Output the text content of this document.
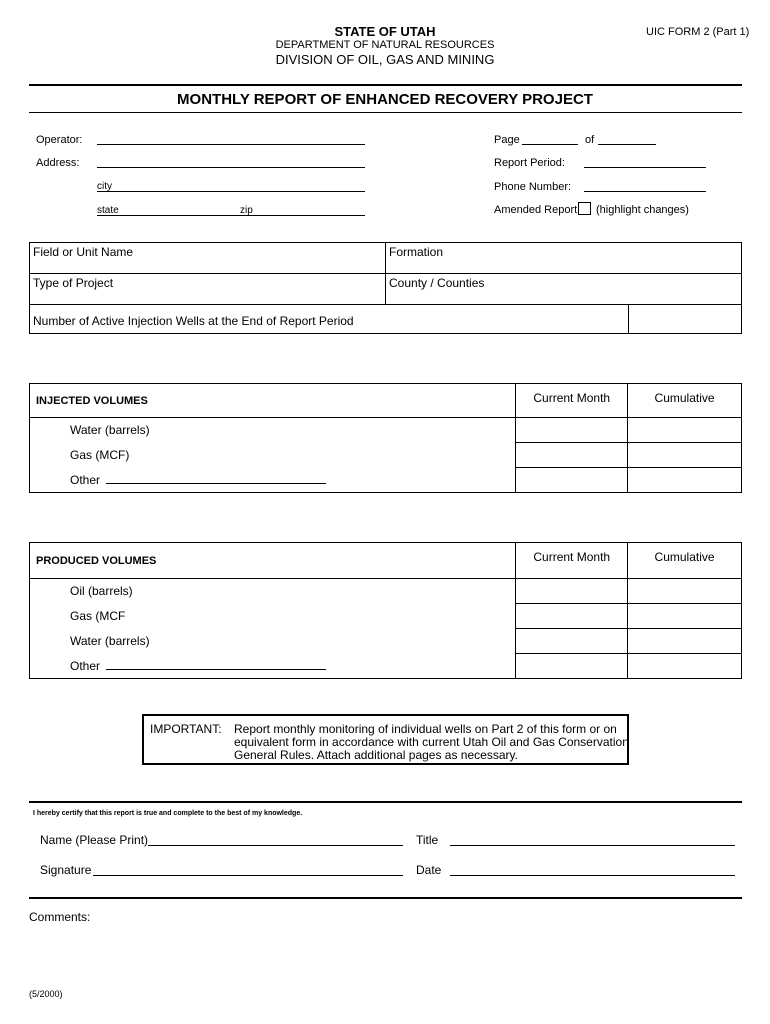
STATE OF UTAH
DEPARTMENT OF NATURAL RESOURCES
DIVISION OF OIL, GAS AND MINING
UIC FORM 2 (Part 1)
MONTHLY REPORT OF ENHANCED RECOVERY PROJECT
Operator:
Address:
city
state	zip
Page	of
Report Period:
Phone Number:
Amended Report (highlight changes)
Field or Unit Name	Formation
Type of Project	County / Counties
Number of Active Injection Wells at the End of Report Period
INJECTED VOLUMES	Current Month	Cumulative
Water (barrels)		
Gas (MCF)		
Other		
PRODUCED VOLUMES	Current Month	Cumulative
Oil (barrels)		
Gas (MCF		
Water (barrels)		
Other		
IMPORTANT: Report monthly monitoring of individual wells on Part 2 of this form or on
equivalent form in accordance with current Utah Oil and Gas Conservation
General Rules. Attach additional pages as necessary.
I hereby certify that this report is true and complete to the best of my knowledge.
Name (Please Print)	Title
Signature	Date
Comments:
(5/2000)
